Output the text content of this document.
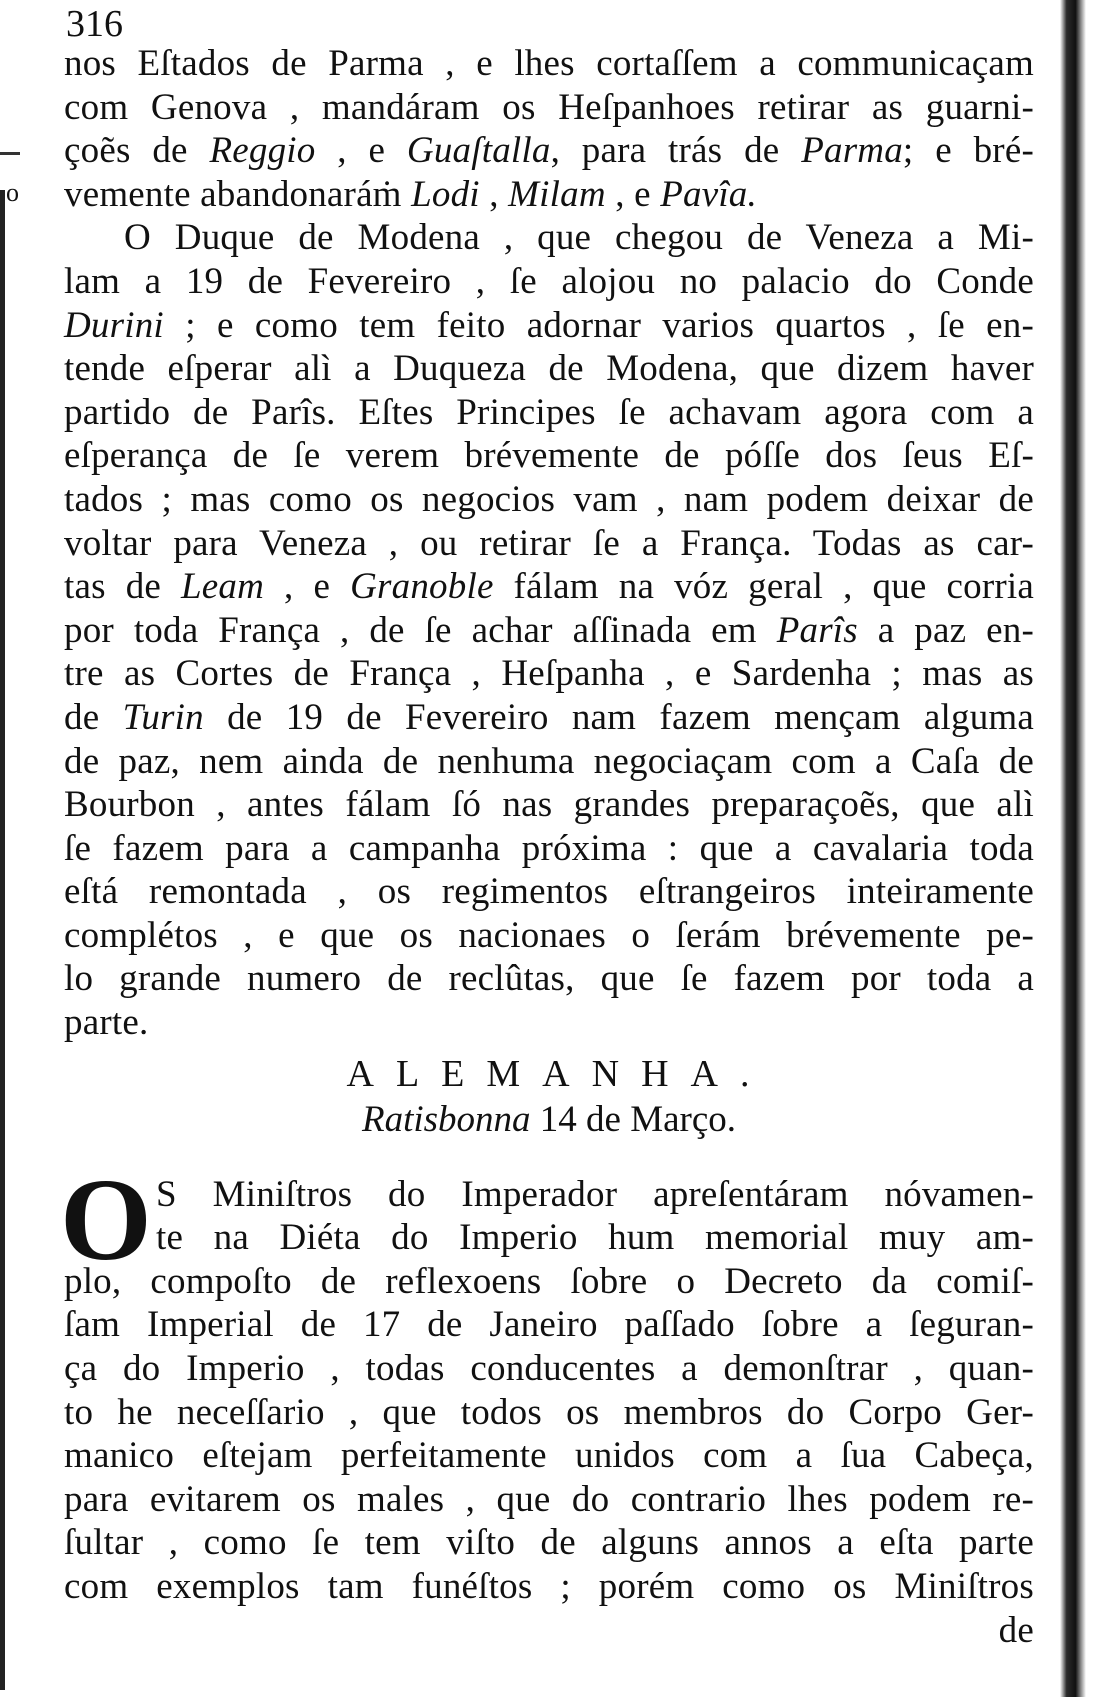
o
316
nos Eſtados de Parma , e lhes cortaſſem a communicaçam
com Genova , mandáram os Heſpanhoes retirar as guarni-
çoẽs de Reggio , e Guaſtalla, para trás de Parma; e bré-
vemente abandonaráṁ Lodi , Milam , e Pavîa.
O Duque de Modena , que chegou de Veneza a Mi-
lam a 19 de Fevereiro , ſe alojou no palacio do Conde
Durini ; e como tem feito adornar varios quartos , ſe en-
tende eſperar alì a Duqueza de Modena, que dizem haver
partido de Parîs. Eſtes Principes ſe achavam agora com a
eſperança de ſe verem brévemente de póſſe dos ſeus Eſ-
tados ; mas como os negocios vam , nam podem deixar de
voltar para Veneza , ou retirar ſe a França. Todas as car-
tas de Leam , e Granoble fálam na vóz geral , que corria
por toda França , de ſe achar aſſinada em Parîs a paz en-
tre as Cortes de França , Heſpanha , e Sardenha ; mas as
de Turin de 19 de Fevereiro nam fazem mençam alguma
de paz, nem ainda de nenhuma negociaçam com a Caſa de
Bourbon , antes fálam ſó nas grandes preparaçoẽs, que alì
ſe fazem para a campanha próxima : que a cavalaria toda
eſtá remontada , os regimentos eſtrangeiros inteiramente
complétos , e que os nacionaes o ſerám brévemente pe-
lo grande numero de reclûtas, que ſe fazem por toda a
parte.
ALEMANHA.
Ratisbonna 14 de Março.
O S Miniſtros do Imperador apreſentáram nóvamen-
te na Diéta do Imperio hum memorial muy am-
plo, compoſto de reflexoens ſobre o Decreto da comiſ-
ſam Imperial de 17 de Janeiro paſſado ſobre a ſeguran-
ça do Imperio , todas conducentes a demonſtrar , quan-
to he neceſſario , que todos os membros do Corpo Ger-
manico eſtejam perfeitamente unidos com a ſua Cabeça,
para evitarem os males , que do contrario lhes podem re-
ſultar , como ſe tem viſto de alguns annos a eſta parte
com exemplos tam funéſtos ; porém como os Miniſtros
de
